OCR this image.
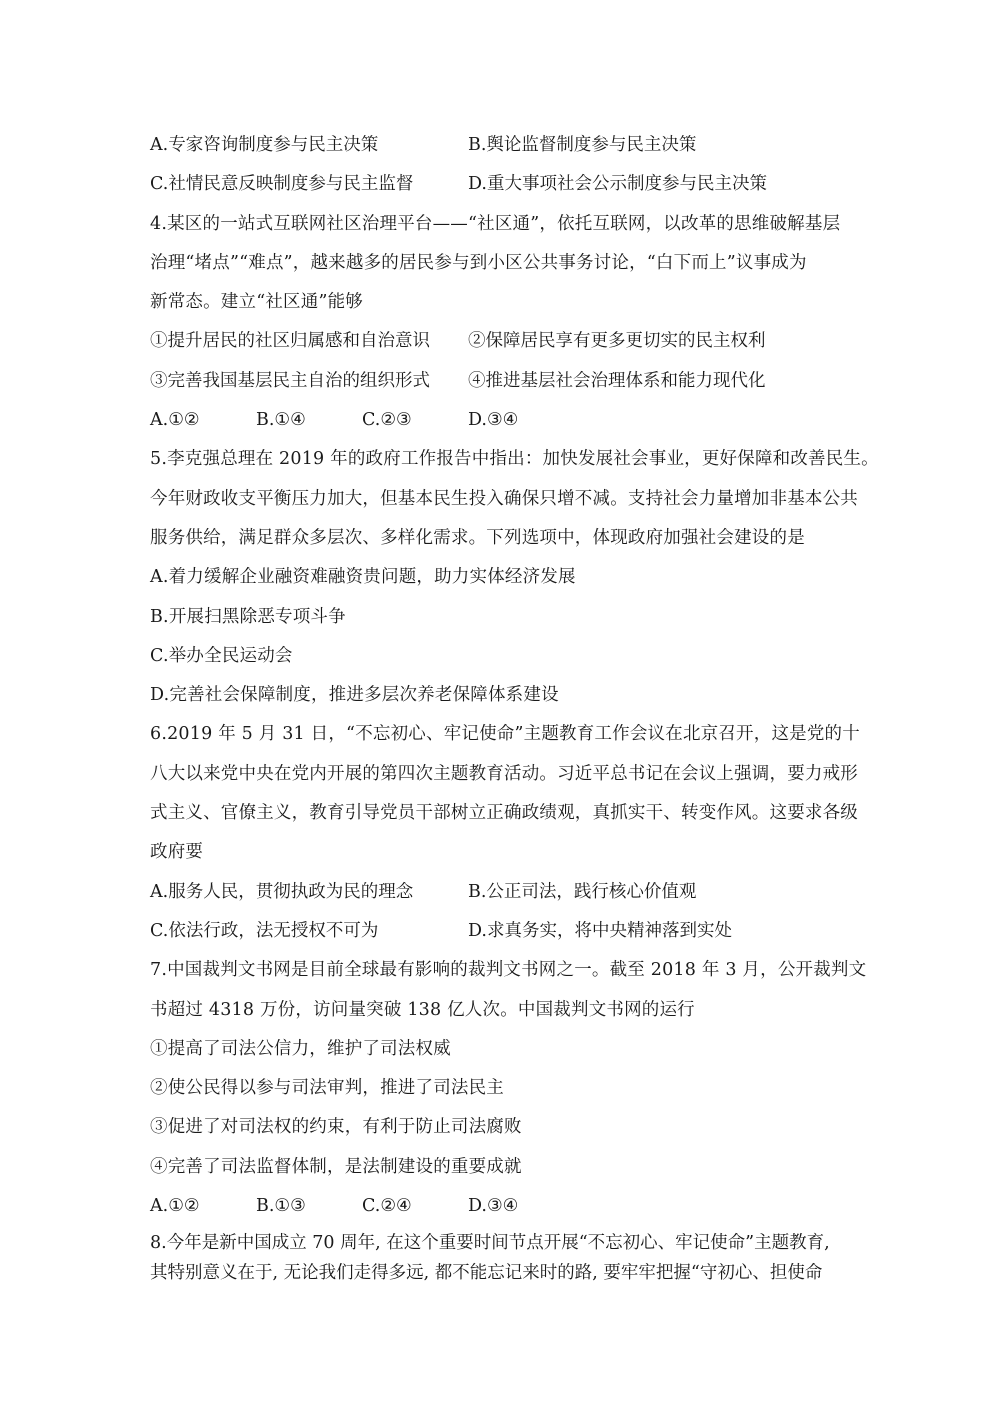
A.专家咨询制度参与民主决策	B.舆论监督制度参与民主决策
C.社情民意反映制度参与民主监督	D.重大事项社会公示制度参与民主决策
4.某区的一站式互联网社区治理平台——“社区通”，依托互联网，以改革的思维破解基层
治理“堵点”“难点”，越来越多的居民参与到小区公共事务讨论，“白下而上”议事成为
新常态。建立“社区通”能够
①提升居民的社区归属感和自治意识	②保障居民享有更多更切实的民主权利
③完善我国基层民主自治的组织形式	④推进基层社会治理体系和能力现代化
A.①②	B.①④	C.②③	D.③④
5.李克强总理在 2019 年的政府工作报告中指出：加快发展社会事业，更好保障和改善民生。
今年财政收支平衡压力加大，但基本民生投入确保只增不减。支持社会力量增加非基本公共
服务供给，满足群众多层次、多样化需求。下列选项中，体现政府加强社会建设的是
A.着力缓解企业融资难融资贵问题，助力实体经济发展
B.开展扫黑除恶专项斗争
C.举办全民运动会
D.完善社会保障制度，推进多层次养老保障体系建设
6.2019 年 5 月 31 日，“不忘初心、牢记使命”主题教育工作会议在北京召开，这是党的十
八大以来党中央在党内开展的第四次主题教育活动。习近平总书记在会议上强调，要力戒形
式主义、官僚主义，教育引导党员干部树立正确政绩观，真抓实干、转变作风。这要求各级
政府要
A.服务人民，贯彻执政为民的理念	B.公正司法，践行核心价值观
C.依法行政，法无授权不可为	D.求真务实，将中央精神落到实处
7.中国裁判文书网是目前全球最有影响的裁判文书网之一。截至 2018 年 3 月，公开裁判文
书超过 4318 万份，访问量突破 138 亿人次。中国裁判文书网的运行
①提高了司法公信力，维护了司法权威
②使公民得以参与司法审判，推进了司法民主
③促进了对司法权的约束，有利于防止司法腐败
④完善了司法监督体制，是法制建设的重要成就
A.①②	B.①③	C.②④	D.③④
8.今年是新中国成立 70 周年, 在这个重要时间节点开展“不忘初心、牢记使命”主题教育,
其特别意义在于, 无论我们走得多远, 都不能忘记来时的路, 要牢牢把握“守初心、担使命
